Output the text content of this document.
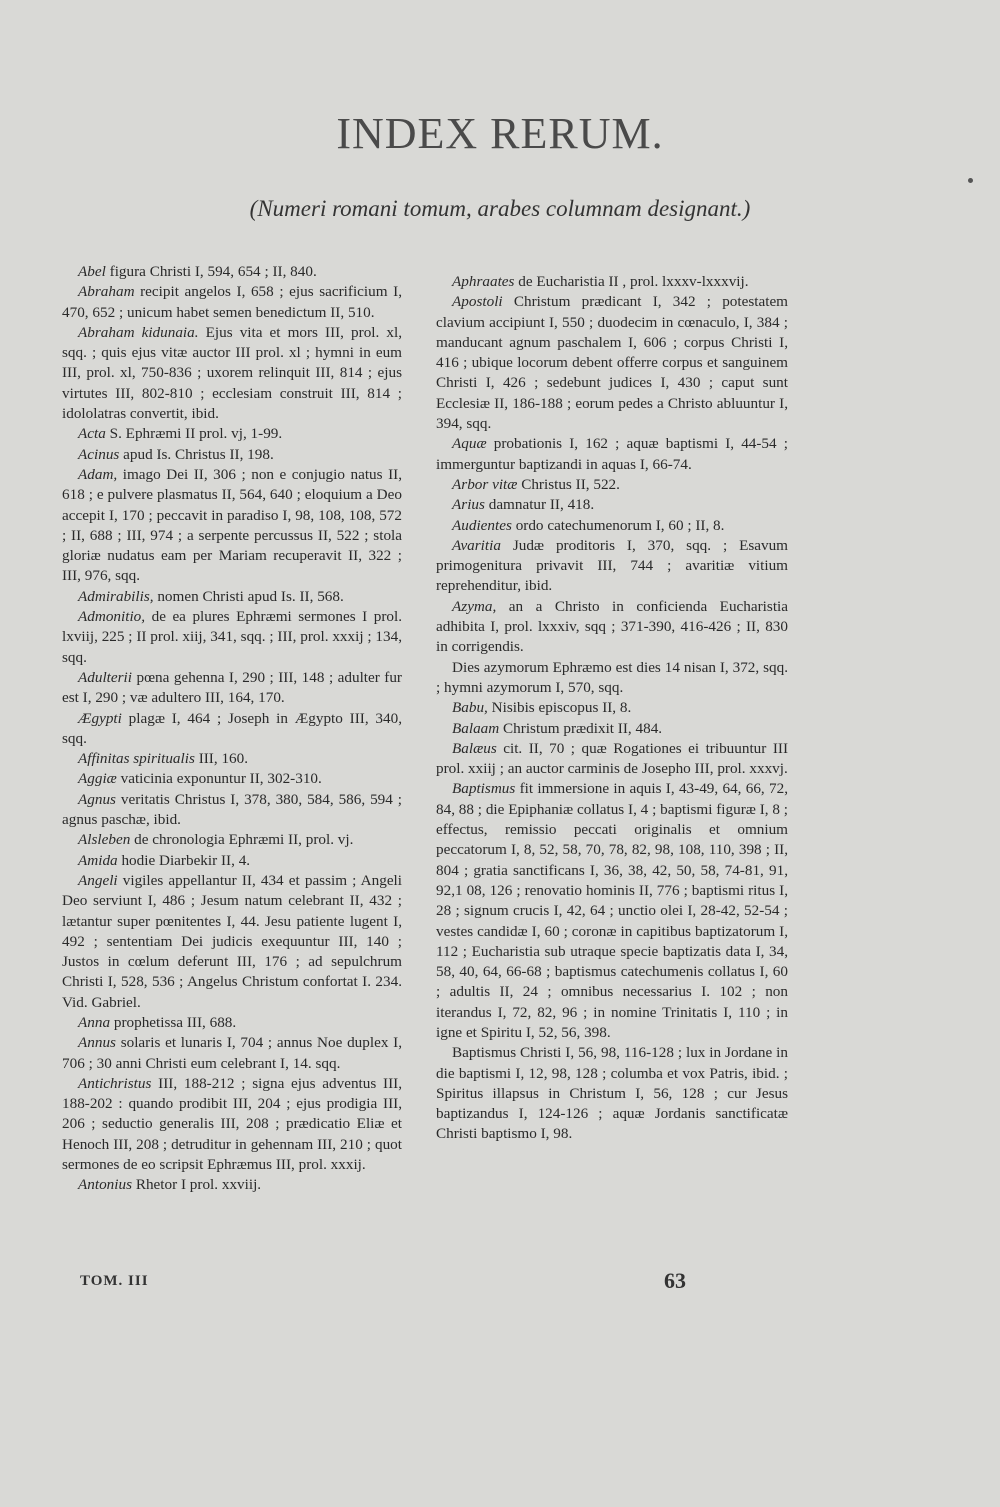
INDEX RERUM.
(Numeri romani tomum, arabes columnam designant.)
Abel figura Christi I, 594, 654 ; II, 840.
Abraham recipit angelos I, 658 ; ejus sacrificium I, 470, 652 ; unicum habet semen benedictum II, 510.
Abraham kidunaia. Ejus vita et mors III, prol. xl, sqq. ; quis ejus vitæ auctor III prol. xl ; hymni in eum III, prol. xl, 750-836 ; uxorem relinquit III, 814 ; ejus virtutes III, 802-810 ; ecclesiam construit III, 814 ; idololatras convertit, ibid.
Acta S. Ephræmi II prol. vj, 1-99.
Acinus apud Is. Christus II, 198.
Adam, imago Dei II, 306 ; non e conjugio natus II, 618 ; e pulvere plasmatus II, 564, 640 ; eloquium a Deo accepit I, 170 ; peccavit in paradiso I, 98, 108, 108, 572 ; II, 688 ; III, 974 ; a serpente percussus II, 522 ; stola gloriæ nudatus eam per Mariam recuperavit II, 322 ; III, 976, sqq.
Admirabilis, nomen Christi apud Is. II, 568.
Admonitio, de ea plures Ephræmi sermones I prol. lxviij, 225 ; II prol. xiij, 341, sqq. ; III, prol. xxxij ; 134, sqq.
Adulterii pœna gehenna I, 290 ; III, 148 ; adulter fur est I, 290 ; væ adultero III, 164, 170.
Ægypti plagæ I, 464 ; Joseph in Ægypto III, 340, sqq.
Affinitas spiritualis III, 160.
Aggiæ vaticinia exponuntur II, 302-310.
Agnus veritatis Christus I, 378, 380, 584, 586, 594 ; agnus paschæ, ibid.
Alsleben de chronologia Ephræmi II, prol. vj.
Amida hodie Diarbekir II, 4.
Angeli vigiles appellantur II, 434 et passim ; Angeli Deo serviunt I, 486 ; Jesum natum celebrant II, 432 ; lætantur super pœnitentes I, 44. Jesu patiente lugent I, 492 ; sententiam Dei judicis exequuntur III, 140 ; Justos in cœlum deferunt III, 176 ; ad sepulchrum Christi I, 528, 536 ; Angelus Christum confortat I. 234. Vid. Gabriel.
Anna prophetissa III, 688.
Annus solaris et lunaris I, 704 ; annus Noe duplex I, 706 ; 30 anni Christi eum celebrant I, 14. sqq.
Antichristus III, 188-212 ; signa ejus adventus III, 188-202 : quando prodibit III, 204 ; ejus prodigia III, 206 ; seductio generalis III, 208 ; prædicatio Eliæ et Henoch III, 208 ; detruditur in gehennam III, 210 ; quot sermones de eo scripsit Ephræmus III, prol. xxxij.
Antonius Rhetor I prol. xxviij.
Aphraates de Eucharistia II , prol. lxxxv-lxxxvij.
Apostoli Christum prædicant I, 342 ; potestatem clavium accipiunt I, 550 ; duodecim in cœnaculo, I, 384 ; manducant agnum paschalem I, 606 ; corpus Christi I, 416 ; ubique locorum debent offerre corpus et sanguinem Christi I, 426 ; sedebunt judices I, 430 ; caput sunt Ecclesiæ II, 186-188 ; eorum pedes a Christo abluuntur I, 394, sqq.
Aquæ probationis I, 162 ; aquæ baptismi I, 44-54 ; immerguntur baptizandi in aquas I, 66-74.
Arbor vitæ Christus II, 522.
Arius damnatur II, 418.
Audientes ordo catechumenorum I, 60 ; II, 8.
Avaritia Judæ proditoris I, 370, sqq. ; Esavum primogenitura privavit III, 744 ; avaritiæ vitium reprehenditur, ibid.
Azyma, an a Christo in conficienda Eucharistia adhibita I, prol. lxxxiv, sqq ; 371-390, 416-426 ; II, 830 in corrigendis.
Dies azymorum Ephræmo est dies 14 nisan I, 372, sqq. ; hymni azymorum I, 570, sqq.
Babu, Nisibis episcopus II, 8.
Balaam Christum prædixit II, 484.
Balæus cit. II, 70 ; quæ Rogationes ei tribuuntur III prol. xxiij ; an auctor carminis de Josepho III, prol. xxxvj.
Baptismus fit immersione in aquis I, 43-49, 64, 66, 72, 84, 88 ; die Epiphaniæ collatus I, 4 ; baptismi figuræ I, 8 ; effectus, remissio peccati originalis et omnium peccatorum I, 8, 52, 58, 70, 78, 82, 98, 108, 110, 398 ; II, 804 ; gratia sanctificans I, 36, 38, 42, 50, 58, 74-81, 91, 92,1 08, 126 ; renovatio hominis II, 776 ; baptismi ritus I, 28 ; signum crucis I, 42, 64 ; unctio olei I, 28-42, 52-54 ; vestes candidæ I, 60 ; coronæ in capitibus baptizatorum I, 112 ; Eucharistia sub utraque specie baptizatis data I, 34, 58, 40, 64, 66-68 ; baptismus catechumenis collatus I, 60 ; adultis II, 24 ; omnibus necessarius I. 102 ; non iterandus I, 72, 82, 96 ; in nomine Trinitatis I, 110 ; in igne et Spiritu I, 52, 56, 398.
Baptismus Christi I, 56, 98, 116-128 ; lux in Jordane in die baptismi I, 12, 98, 128 ; columba et vox Patris, ibid. ; Spiritus illapsus in Christum I, 56, 128 ; cur Jesus baptizandus I, 124-126 ; aquæ Jordanis sanctificatæ Christi baptismo I, 98.
TOM. III	63
